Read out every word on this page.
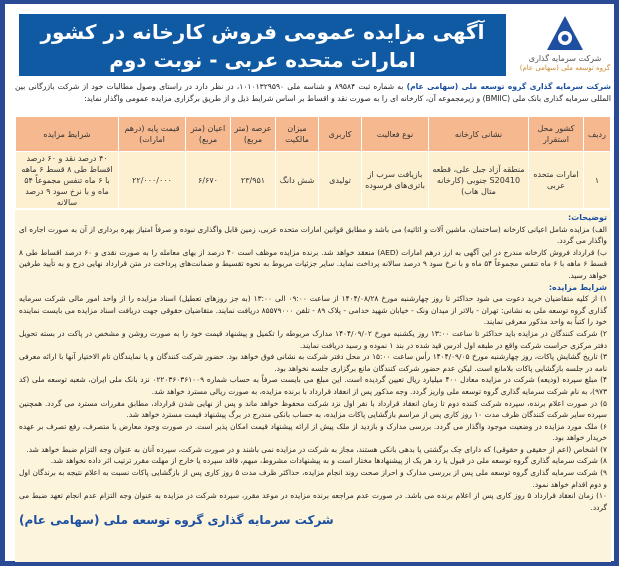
شرکت سرمایه گذاری
گروه توسعه ملی (سهامی عام)
آگهی مزایده عمومی فروش کارخانه در کشور
امارات متحده عربی - نوبت دوم
شرکت سرمایه گذاری گروه توسعه ملی (سهامی عام) به شماره ثبت ۸۹۵۸۴ و شناسه ملی ۱۰۱۰۱۳۲۹۵۹۰، در نظر دارد در راستای وصول مطالبات خود از شرکت بازرگانی بین المللی سرمایه گذاری بانک ملی (BMIIC) و زیرمجموعه آن، کارخانه ای را به صورت نقد و اقساط بر اساس شرایط ذیل و از طریق برگزاری مزایده عمومی واگذار نماید:
ردیف	کشور محل استقرار	نشانی کارخانه	نوع فعالیت	کاربری	میزان مالکیت	عرصه (متر مربع)	اعیان (متر مربع)	قیمت پایه (درهم امارات)	شرایط مزایده
۱	امارات متحده عربی	منطقه آزاد جبل علی، قطعه S20410 جنوبی (کارخانه متال هاب)	بازیافت سرب از باتری‌های فرسوده	تولیدی	شش دانگ	۲۳/۹۵۱	۶/۶۷۰	۲۲/۰۰۰/۰۰۰	۴۰ درصد نقد و ۶۰ درصد اقساط طی ۸ قسط ۶ ماهه با ۶ ماه تنفس مجموعاً ۵۴ ماه و با نرخ سود ۹ درصد سالانه

توضیحات:

الف) مزایده شامل اعیانی کارخانه (ساختمان، ماشین آلات و اثاثیه) می باشد و مطابق قوانین امارات متحده عربی، زمین قابل واگذاری نبوده و صرفاً امتیاز بهره برداری از آن به صورت اجاره ای واگذار می گردد.

ب) قرارداد فروش کارخانه مندرج در این آگهی به ارز درهم امارات (AED) منعقد خواهد شد. برنده مزایده موظف است ۴۰ درصد از بهای معامله را به صورت نقدی و ۶۰ درصد اقساط طی ۸ قسط ۶ ماهه با ۶ ماه تنفس مجموعاً ۵۴ ماه و با نرخ سود ۹ درصد سالانه پرداخت نماید. سایر جزئیات مربوط به نحوه تقسیط و ضمانت‌های پرداخت در متن قرارداد نهایی درج و به تأیید طرفین خواهد رسید.

شرایط مزایده:

۱) از کلیه متقاضیان خرید دعوت می شود حداکثر تا روز چهارشنبه مورخ ۱۴۰۴/۰۸/۲۸ از ساعت ۰۹:۰۰ الی ۱۳:۰۰ (به جز روزهای تعطیل) اسناد مزایده را از واحد امور مالی شرکت سرمایه گذاری گروه توسعه ملی به نشانی: تهران - بالاتر از میدان ونک - خیابان شهید خدامی - پلاک ۸۹ - تلفن ۸۵۵۷۹۰۰۰ دریافت نمایند. متقاضیان حقوقی جهت دریافت اسناد مزایده می بایست نماینده خود را کتباً به واحد مذکور معرفی نمایند.

۲) شرکت کنندگان در مزایده باید حداکثر تا ساعت ۱۳:۰۰ روز یکشنبه مورخ ۱۴۰۴/۰۹/۰۲ مدارک مربوطه را تکمیل و پیشنهاد قیمت خود را به صورت روشن و مشخص در پاکت در بسته تحویل دفتر مرکزی حراست شرکت واقع در طبقه اول ادرس قید شده در بند ۱ نموده و رسید دریافت نمایند.

۳) تاریخ گشایش پاکات، روز چهارشنبه مورخ ۱۴۰۴/۰۹/۰۵ رأس ساعت ۱۵:۰۰ در محل دفتر شرکت به نشانی فوق خواهد بود. حضور شرکت کنندگان و یا نمایندگان تام الاختیار آنها با ارائه معرفی نامه در جلسه بازگشایی پاکات بلامانع است. لیکن عدم حضور شرکت کنندگان مانع برگزاری جلسه نخواهد بود.

۴) مبلغ سپرده (ودیعه) شرکت در مزایده معادل ۴۰۰ میلیارد ریال تعیین گردیده است. این مبلغ می بایست صرفاً به حساب شماره ۰۲۲۰۳۶۰۳۶۱۰۰۹ نزد بانک ملی ایران، شعبه توسعه ملی (کد ۹۷۳)، به نام شرکت سرمایه گذاری گروه توسعه ملی واریز گردد. وجه مذکور پس از انعقاد قرارداد با برنده مزایده، به صورت ریالی مسترد خواهد شد.

۵) در صورت اعلام برنده، سپرده شرکت کننده دوم تا زمان انعقاد قرارداد با نفر اول نزد شرکت محفوظ خواهد ماند و پس از نهایی شدن قرارداد، مطابق مقررات مسترد می گردد. همچنین سپرده سایر شرکت کنندگان ظرف مدت ۱۰ روز کاری پس از مراسم بازگشایی پاکات مزایده، به حساب بانکی مندرج در برگ پیشنهاد قیمت مسترد خواهد شد.

۶) ملک مورد مزایده در وضعیت موجود واگذار می گردد. بررسی مدارک و بازدید از ملک پیش از ارائه پیشنهاد قیمت امکان پذیر است. در صورت وجود معارض یا متصرف، رفع تصرف بر عهده خریدار خواهد بود.

۷) اشخاص (اعم از حقیقی و حقوقی) که دارای چک برگشتی یا بدهی بانکی هستند، مجاز به شرکت در مزایده نمی باشند و در صورت شرکت، سپرده آنان به عنوان وجه التزام ضبط خواهد شد.

۸) شرکت سرمایه گذاری گروه توسعه ملی در قبول یا رد هر یک از پیشنهادها مختار است و به پیشنهادات مشروط، مبهم، فاقد سپرده یا خارج از مهلت مقرر ترتیب اثر داده نخواهد شد.

۹) شرکت سرمایه گذاری گروه توسعه ملی پس از بررسی مدارک و احراز صحت روند انجام مزایده، حداکثر ظرف مدت ۵ روز کاری پس از بازگشایی پاکات نسبت به اعلام نتیجه به برندگان اول و دوم اقدام خواهد نمود.

۱۰) زمان انعقاد قرارداد ۵ روز کاری پس از اعلام برنده می باشد. در صورت عدم مراجعه برنده مزایده در موعد مقرر، سپرده شرکت در مزایده به عنوان وجه التزام عدم انجام تعهد ضبط می گردد.

شرکت سرمایه گذاری گروه توسعه ملی (سهامی عام)
